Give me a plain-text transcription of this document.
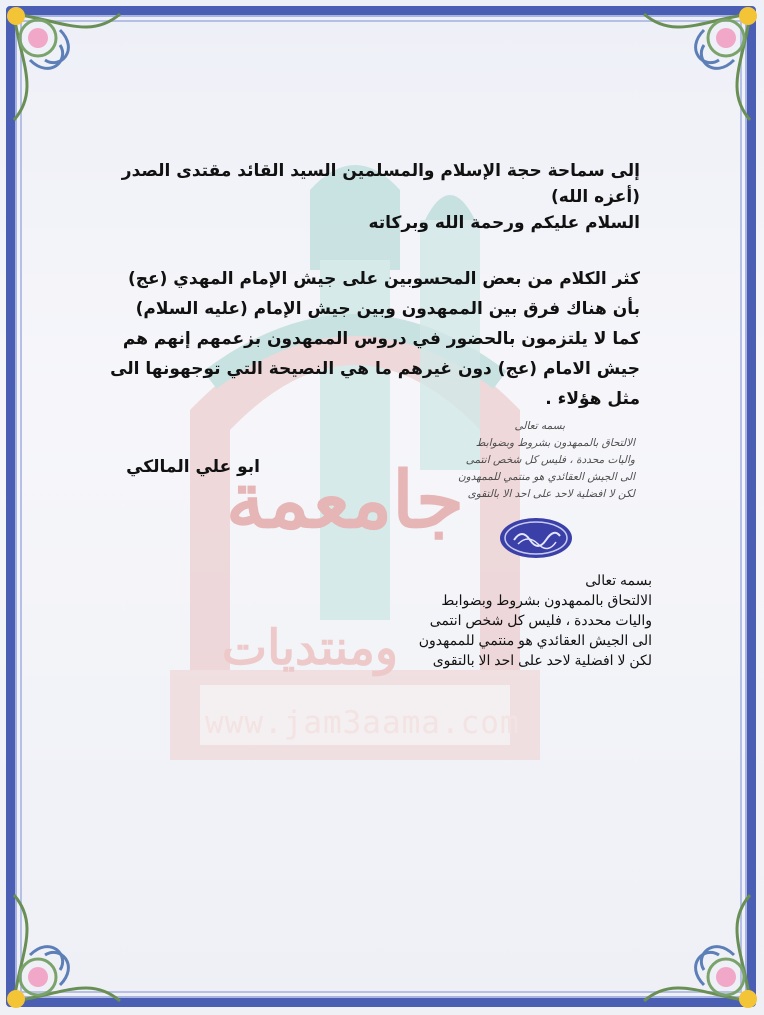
جامعمة
ومنتديات
www.jam3aama.com
إلى سماحة حجة الإسلام والمسلمين السيد القائد مقتدى الصدر
(أعزه الله)
السلام عليكم ورحمة الله وبركاته
كثر الكلام من بعض المحسوبين على جيش الإمام المهدي (عج) بأن هناك فرق بين الممهدون وبين جيش الإمام (عليه السلام) كما لا يلتزمون بالحضور في دروس الممهدون بزعمهم إنهم هم جيش الامام (عج) دون غيرهم ما هي النصيحة التي توجهونها الى مثل هؤلاء .
ابو علي المالكي
بسمه تعالى
الالتحاق بالممهدون بشروط وبضوابط
واليات محددة ، فليس كل شخص انتمى
الى الجيش العقائدي هو منتمي للممهدون
لكن لا افضلية لاحد على احد الا بالتقوى

بسمه تعالى

الالتحاق بالممهدون بشروط وبضوابط

واليات محددة ، فليس كل شخص انتمى

الى الجيش العقائدي هو منتمي للممهدون

لكن لا افضلية لاحد على احد الا بالتقوى
